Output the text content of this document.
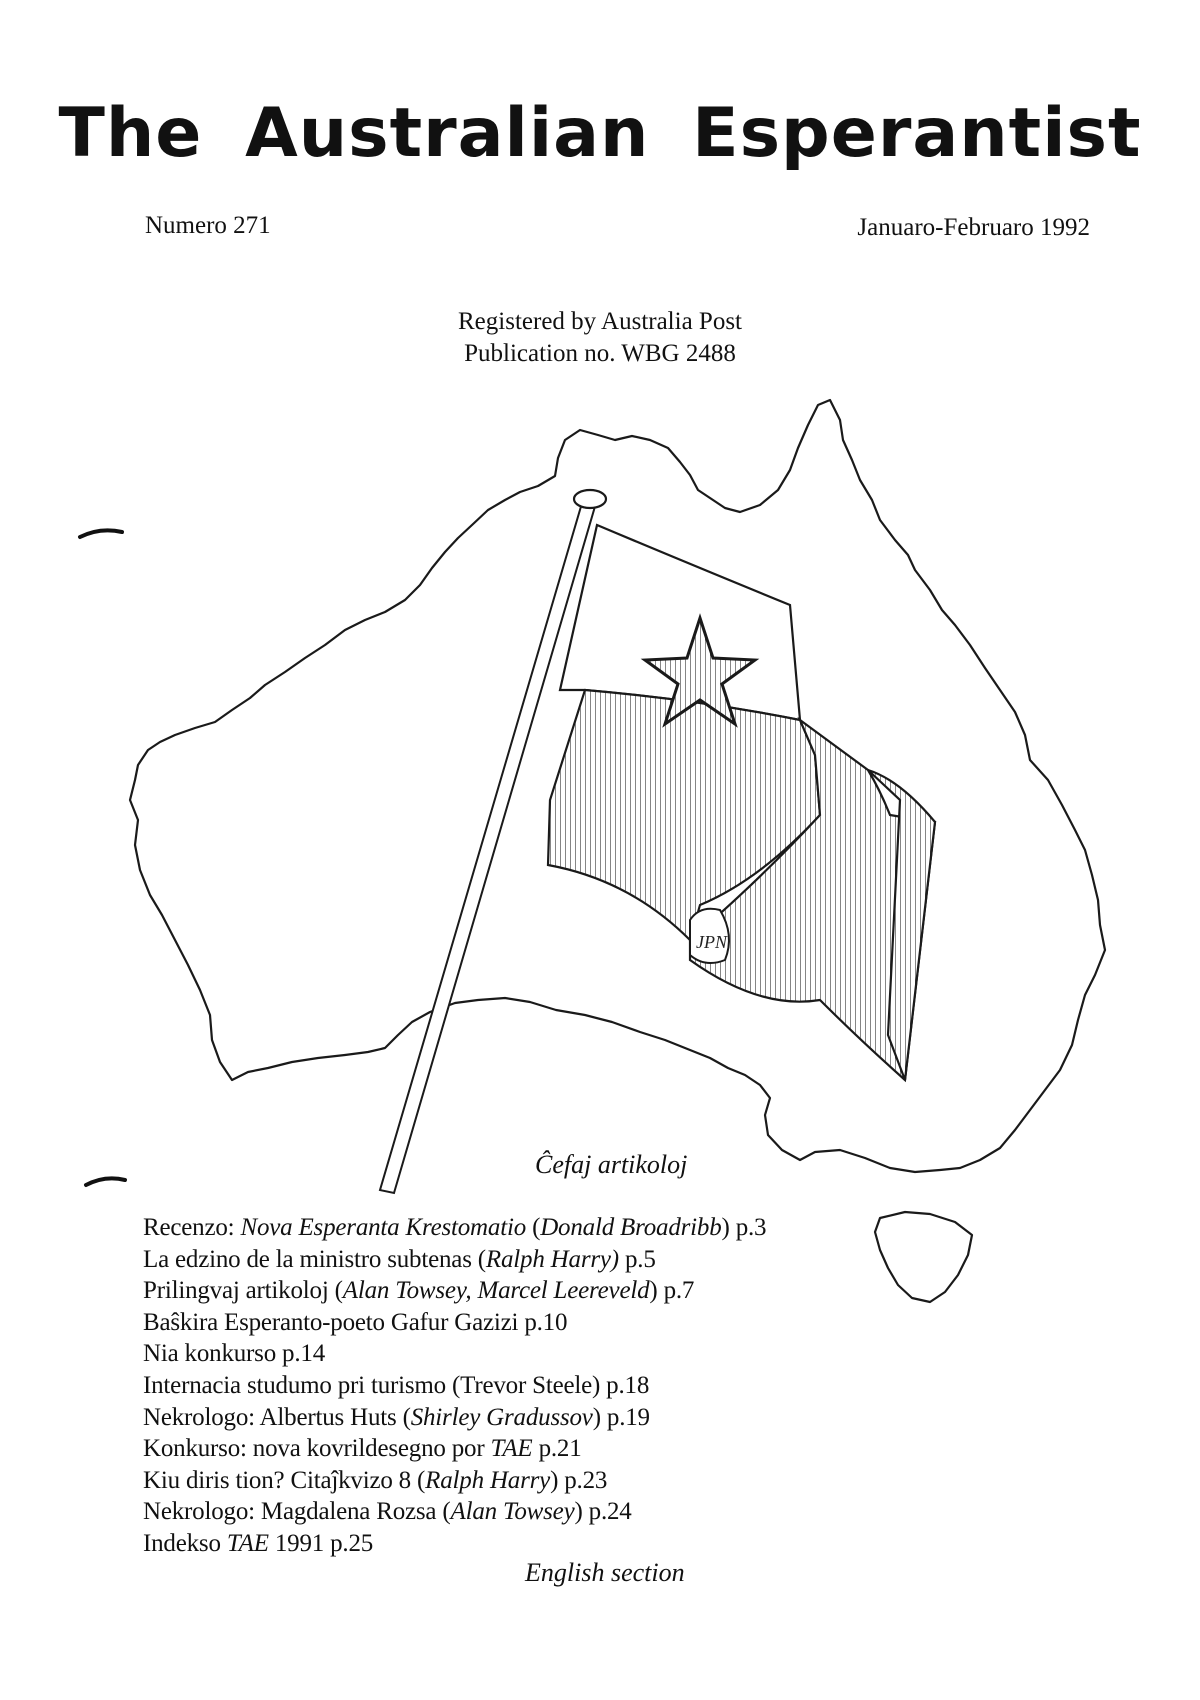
The Australian Esperantist
Numero 271	Januaro-Februaro 1992
Registered by Australia Post
Publication no. WBG 2488
JPN
Ĉefaj artikoloj
Recenzo: Nova Esperanta Krestomatio (Donald Broadribb) p.3
La edzino de la ministro subtenas (Ralph Harry) p.5
Prilingvaj artikoloj (Alan Towsey, Marcel Leereveld) p.7
Baŝkira Esperanto-poeto Gafur Gazizi p.10
Nia konkurso p.14
Internacia studumo pri turismo (Trevor Steele) p.18
Nekrologo: Albertus Huts (Shirley Gradussov) p.19
Konkurso: nova kovrildesegno por TAE p.21
Kiu diris tion? Citaĵkvizo 8 (Ralph Harry) p.23
Nekrologo: Magdalena Rozsa (Alan Towsey) p.24
Indekso TAE 1991 p.25
English section
